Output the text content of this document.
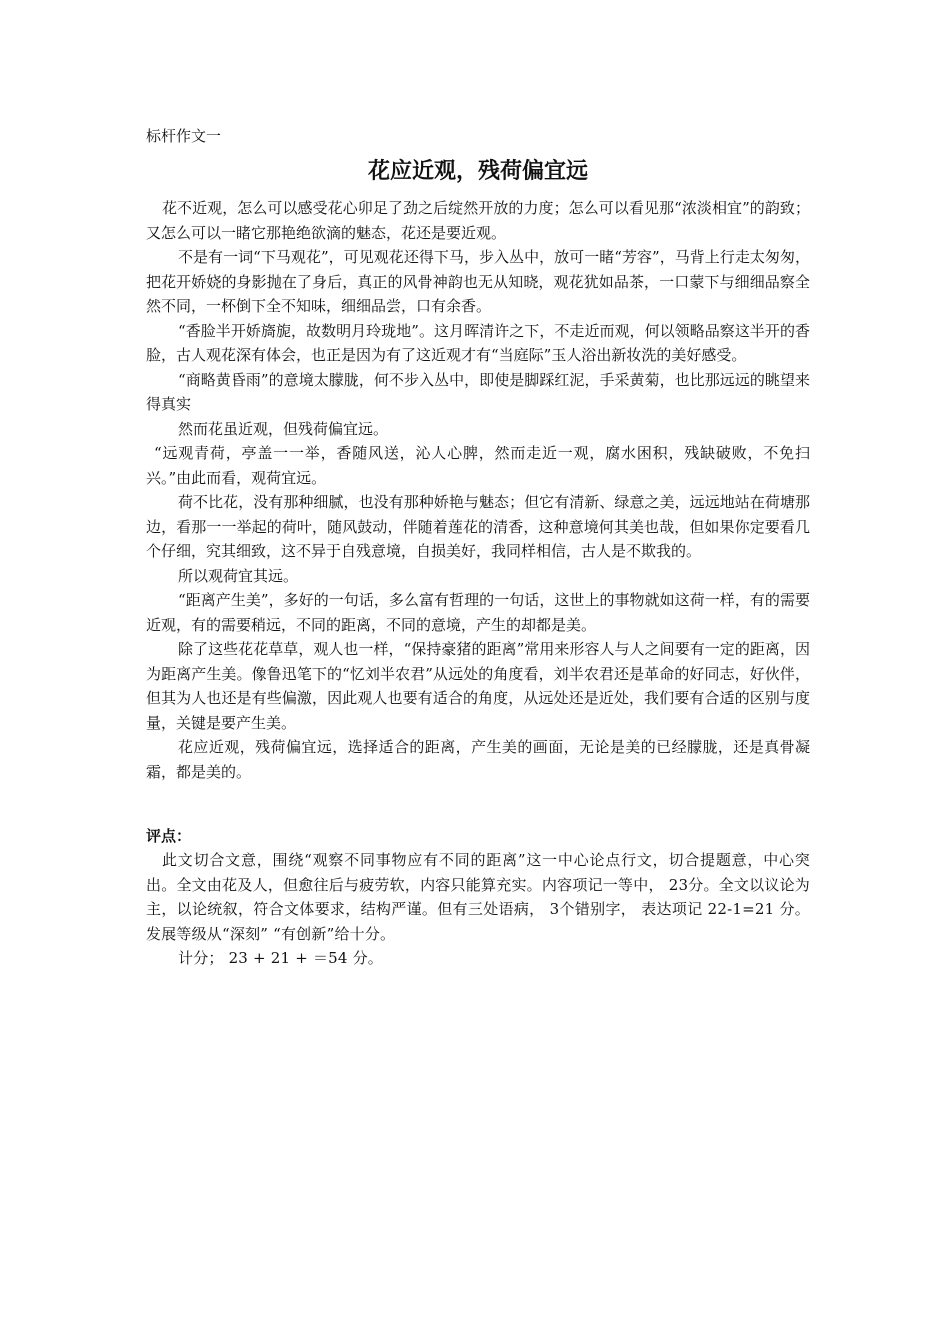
标杆作文一

花应近观，残荷偏宜远

花不近观，怎么可以感受花心卯足了劲之后绽然开放的力度；怎么可以看见那“浓淡相宜”的韵致；又怎么可以一睹它那艳绝欲滴的魅态，花还是要近观。

不是有一词“下马观花”，可见观花还得下马，步入丛中，放可一睹“芳容”，马背上行走太匆匆，把花开娇娆的身影抛在了身后，真正的风骨神韵也无从知晓，观花犹如品茶，一口蒙下与细细品察全然不同，一杯倒下全不知味，细细品尝，口有余香。

“香脸半开娇旖旎，故数明月玲珑地”。这月晖清许之下，不走近而观，何以领略品察这半开的香脸，古人观花深有体会，也正是因为有了这近观才有“当庭际”玉人浴出新妆洗的美好感受。

“商略黄昏雨”的意境太朦胧，何不步入丛中，即使是脚踩红泥，手采黄菊，也比那远远的眺望来得真实

然而花虽近观，但残荷偏宜远。

“远观青荷，亭盖一一举，香随风送，沁人心脾，然而走近一观，腐水困积，残缺破败，不免扫兴。”由此而看，观荷宜远。

荷不比花，没有那种细腻，也没有那种娇艳与魅态；但它有清新、绿意之美，远远地站在荷塘那边，看那一一举起的荷叶，随风鼓动，伴随着莲花的清香，这种意境何其美也哉，但如果你定要看几个仔细，究其细致，这不异于自残意境，自损美好，我同样相信，古人是不欺我的。

所以观荷宜其远。

“距离产生美”，多好的一句话，多么富有哲理的一句话，这世上的事物就如这荷一样，有的需要近观，有的需要稍远，不同的距离，不同的意境，产生的却都是美。

除了这些花花草草，观人也一样，“保持豪猪的距离”常用来形容人与人之间要有一定的距离，因为距离产生美。像鲁迅笔下的“忆刘半农君”从远处的角度看，刘半农君还是革命的好同志，好伙伴，但其为人也还是有些偏激，因此观人也要有适合的角度，从远处还是近处，我们要有合适的区别与度量，关键是要产生美。

花应近观，残荷偏宜远，选择适合的距离，产生美的画面，无论是美的已经朦胧，还是真骨凝霜，都是美的。

评点：

此文切合文意，围绕“观察不同事物应有不同的距离”这一中心论点行文，切合提题意，中心突出。全文由花及人，但愈往后与疲劳软，内容只能算充实。内容项记一等中， 23分。全文以议论为主，以论统叙，符合文体要求，结构严谨。但有三处语病， 3个错别字， 表达项记 22-1=21 分。发展等级从“深刻” “有创新”给十分。

计分； 23 + 21 + ＝54 分。
